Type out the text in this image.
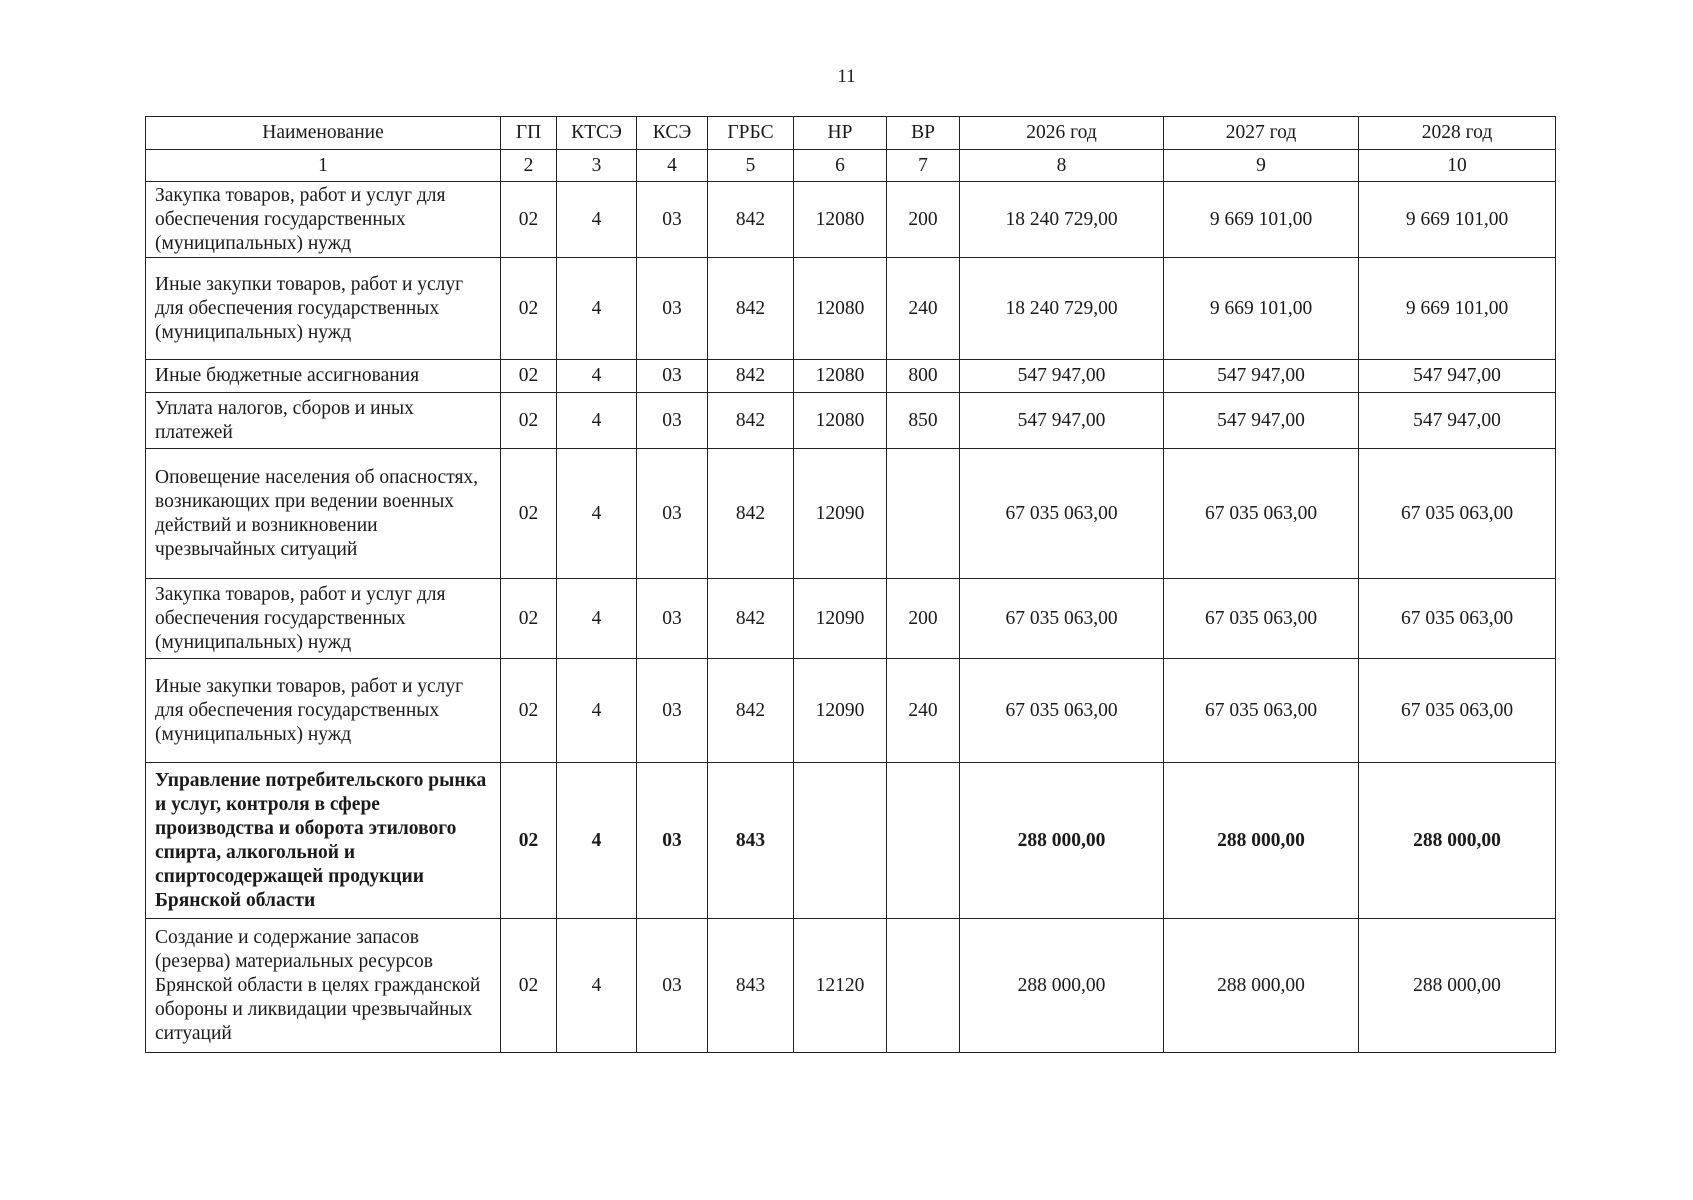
11
Наименование	ГП	КТСЭ	КСЭ	ГРБС	НР	ВР	2026 год	2027 год	2028 год
1	2	3	4	5	6	7	8	9	10
Закупка товаров, работ и услуг для обеспечения государственных (муниципальных) нужд	02	4	03	842	12080	200	18 240 729,00	9 669 101,00	9 669 101,00
Иные закупки товаров, работ и услуг для обеспечения государственных (муниципальных) нужд	02	4	03	842	12080	240	18 240 729,00	9 669 101,00	9 669 101,00
Иные бюджетные ассигнования	02	4	03	842	12080	800	547 947,00	547 947,00	547 947,00
Уплата налогов, сборов и иных платежей	02	4	03	842	12080	850	547 947,00	547 947,00	547 947,00
Оповещение населения об опасностях, возникающих при ведении военных действий и возникновении чрезвычайных ситуаций	02	4	03	842	12090		67 035 063,00	67 035 063,00	67 035 063,00
Закупка товаров, работ и услуг для обеспечения государственных (муниципальных) нужд	02	4	03	842	12090	200	67 035 063,00	67 035 063,00	67 035 063,00
Иные закупки товаров, работ и услуг для обеспечения государственных (муниципальных) нужд	02	4	03	842	12090	240	67 035 063,00	67 035 063,00	67 035 063,00
Управление потребительского рынка и услуг, контроля в сфере производства и оборота этилового спирта, алкогольной и спиртосодержащей продукции Брянской области	02	4	03	843			288 000,00	288 000,00	288 000,00
Создание и содержание запасов (резерва) материальных ресурсов Брянской области в целях гражданской обороны и ликвидации чрезвычайных ситуаций	02	4	03	843	12120		288 000,00	288 000,00	288 000,00
